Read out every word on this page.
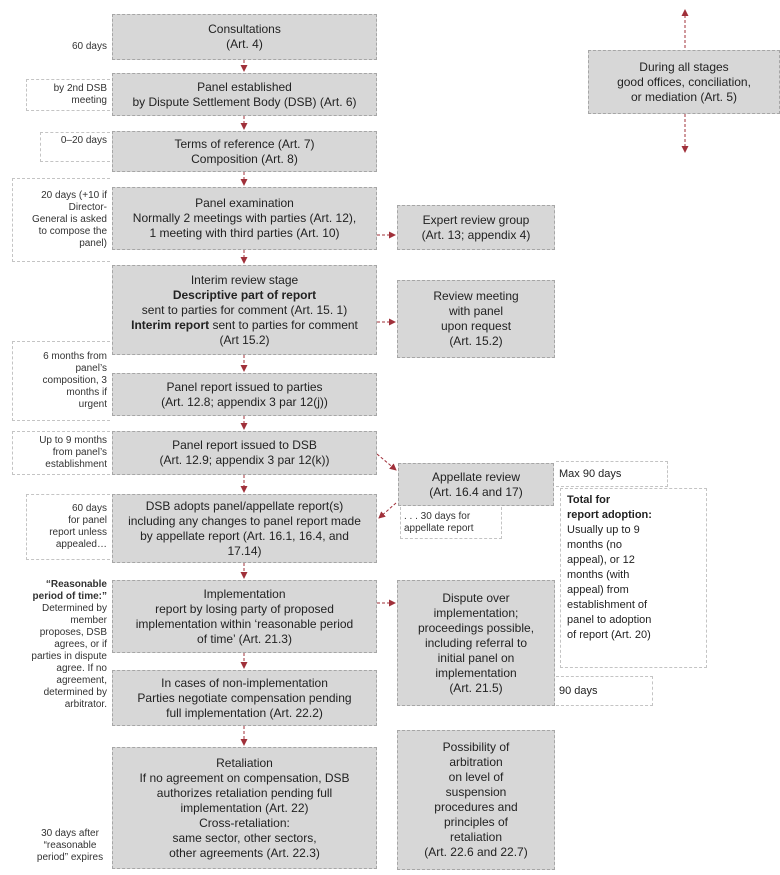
Consultations
(Art. 4)
Panel established
by Dispute Settlement Body (DSB) (Art. 6)
Terms of reference (Art. 7)
Composition (Art. 8)
Panel examination
Normally 2 meetings with parties (Art. 12),
1 meeting with third parties (Art. 10)
Interim review stage
Descriptive part of report
sent to parties for comment (Art. 15. 1)
Interim report sent to parties for comment
(Art 15.2)
Panel report issued to parties
(Art. 12.8; appendix 3 par 12(j))
Panel report issued to DSB
(Art. 12.9; appendix 3 par 12(k))
DSB adopts panel/appellate report(s)
including any changes to panel report made
by appellate report (Art. 16.1, 16.4, and
17.14)
Implementation
report by losing party of proposed
implementation within ‘reasonable period
of time’ (Art. 21.3)
In cases of non-implementation
Parties negotiate compensation pending
full implementation (Art. 22.2)
Retaliation
If no agreement on compensation, DSB
authorizes retaliation pending full
implementation (Art. 22)
Cross-retaliation:
same sector, other sectors,
other agreements (Art. 22.3)
Expert review group
(Art. 13; appendix 4)
Review meeting
with panel
upon request
(Art. 15.2)
Appellate review
(Art. 16.4 and 17)
Dispute over
implementation;
proceedings possible,
including referral to
initial panel on
implementation
(Art. 21.5)
Possibility of
arbitration
on level of
suspension
procedures and
principles of
retaliation
(Art. 22.6 and 22.7)
During all stages
good offices, conciliation,
or mediation (Art. 5)
60 days
by 2nd DSB
meeting
0–20 days
20 days (+10 if
Director-
General is asked
to compose the
panel)
6 months from
panel’s
composition, 3
months if
urgent
Up to 9 months
from panel’s
establishment
60 days
for panel
report unless
appealed…
“Reasonable
period of time:”
Determined by
member
proposes, DSB
agrees, or if
parties in dispute
agree. If no
agreement,
determined by
arbitrator.
30 days after
“reasonable
period” expires
. . . 30 days for
appellate report
Max 90 days
Total for
report adoption:
Usually up to 9
months (no
appeal), or 12
months (with
appeal) from
establishment of
panel to adoption
of report (Art. 20)
90 days
